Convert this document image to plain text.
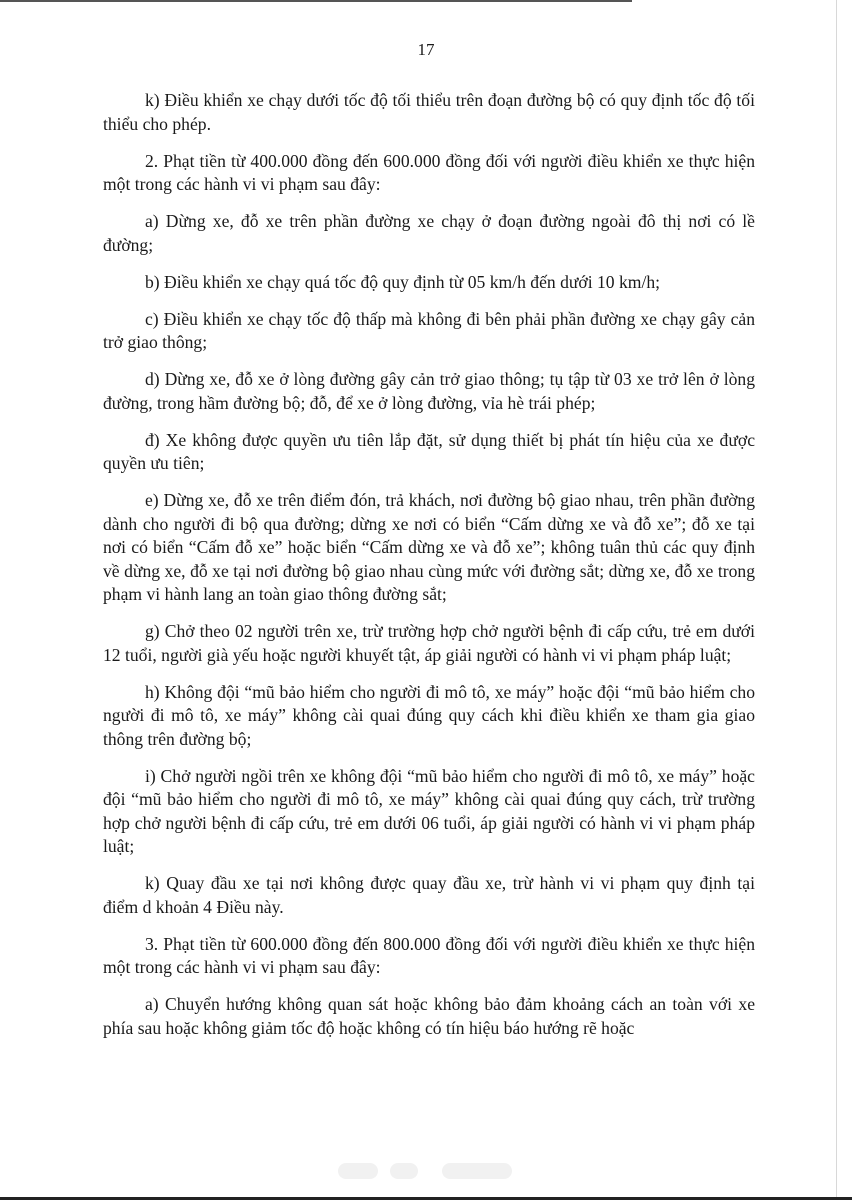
17

k) Điều khiển xe chạy dưới tốc độ tối thiểu trên đoạn đường bộ có quy định tốc độ tối thiểu cho phép.

2. Phạt tiền từ 400.000 đồng đến 600.000 đồng đối với người điều khiển xe thực hiện một trong các hành vi vi phạm sau đây:

a) Dừng xe, đỗ xe trên phần đường xe chạy ở đoạn đường ngoài đô thị nơi có lề đường;

b) Điều khiển xe chạy quá tốc độ quy định từ 05 km/h đến dưới 10 km/h;

c) Điều khiển xe chạy tốc độ thấp mà không đi bên phải phần đường xe chạy gây cản trở giao thông;

d) Dừng xe, đỗ xe ở lòng đường gây cản trở giao thông; tụ tập từ 03 xe trở lên ở lòng đường, trong hầm đường bộ; đỗ, để xe ở lòng đường, vỉa hè trái phép;

đ) Xe không được quyền ưu tiên lắp đặt, sử dụng thiết bị phát tín hiệu của xe được quyền ưu tiên;

e) Dừng xe, đỗ xe trên điểm đón, trả khách, nơi đường bộ giao nhau, trên phần đường dành cho người đi bộ qua đường; dừng xe nơi có biển “Cấm dừng xe và đỗ xe”; đỗ xe tại nơi có biển “Cấm đỗ xe” hoặc biển “Cấm dừng xe và đỗ xe”; không tuân thủ các quy định về dừng xe, đỗ xe tại nơi đường bộ giao nhau cùng mức với đường sắt; dừng xe, đỗ xe trong phạm vi hành lang an toàn giao thông đường sắt;

g) Chở theo 02 người trên xe, trừ trường hợp chở người bệnh đi cấp cứu, trẻ em dưới 12 tuổi, người già yếu hoặc người khuyết tật, áp giải người có hành vi vi phạm pháp luật;

h) Không đội “mũ bảo hiểm cho người đi mô tô, xe máy” hoặc đội “mũ bảo hiểm cho người đi mô tô, xe máy” không cài quai đúng quy cách khi điều khiển xe tham gia giao thông trên đường bộ;

i) Chở người ngồi trên xe không đội “mũ bảo hiểm cho người đi mô tô, xe máy” hoặc đội “mũ bảo hiểm cho người đi mô tô, xe máy” không cài quai đúng quy cách, trừ trường hợp chở người bệnh đi cấp cứu, trẻ em dưới 06 tuổi, áp giải người có hành vi vi phạm pháp luật;

k) Quay đầu xe tại nơi không được quay đầu xe, trừ hành vi vi phạm quy định tại điểm d khoản 4 Điều này.

3. Phạt tiền từ 600.000 đồng đến 800.000 đồng đối với người điều khiển xe thực hiện một trong các hành vi vi phạm sau đây:

a) Chuyển hướng không quan sát hoặc không bảo đảm khoảng cách an toàn với xe phía sau hoặc không giảm tốc độ hoặc không có tín hiệu báo hướng rẽ hoặc
